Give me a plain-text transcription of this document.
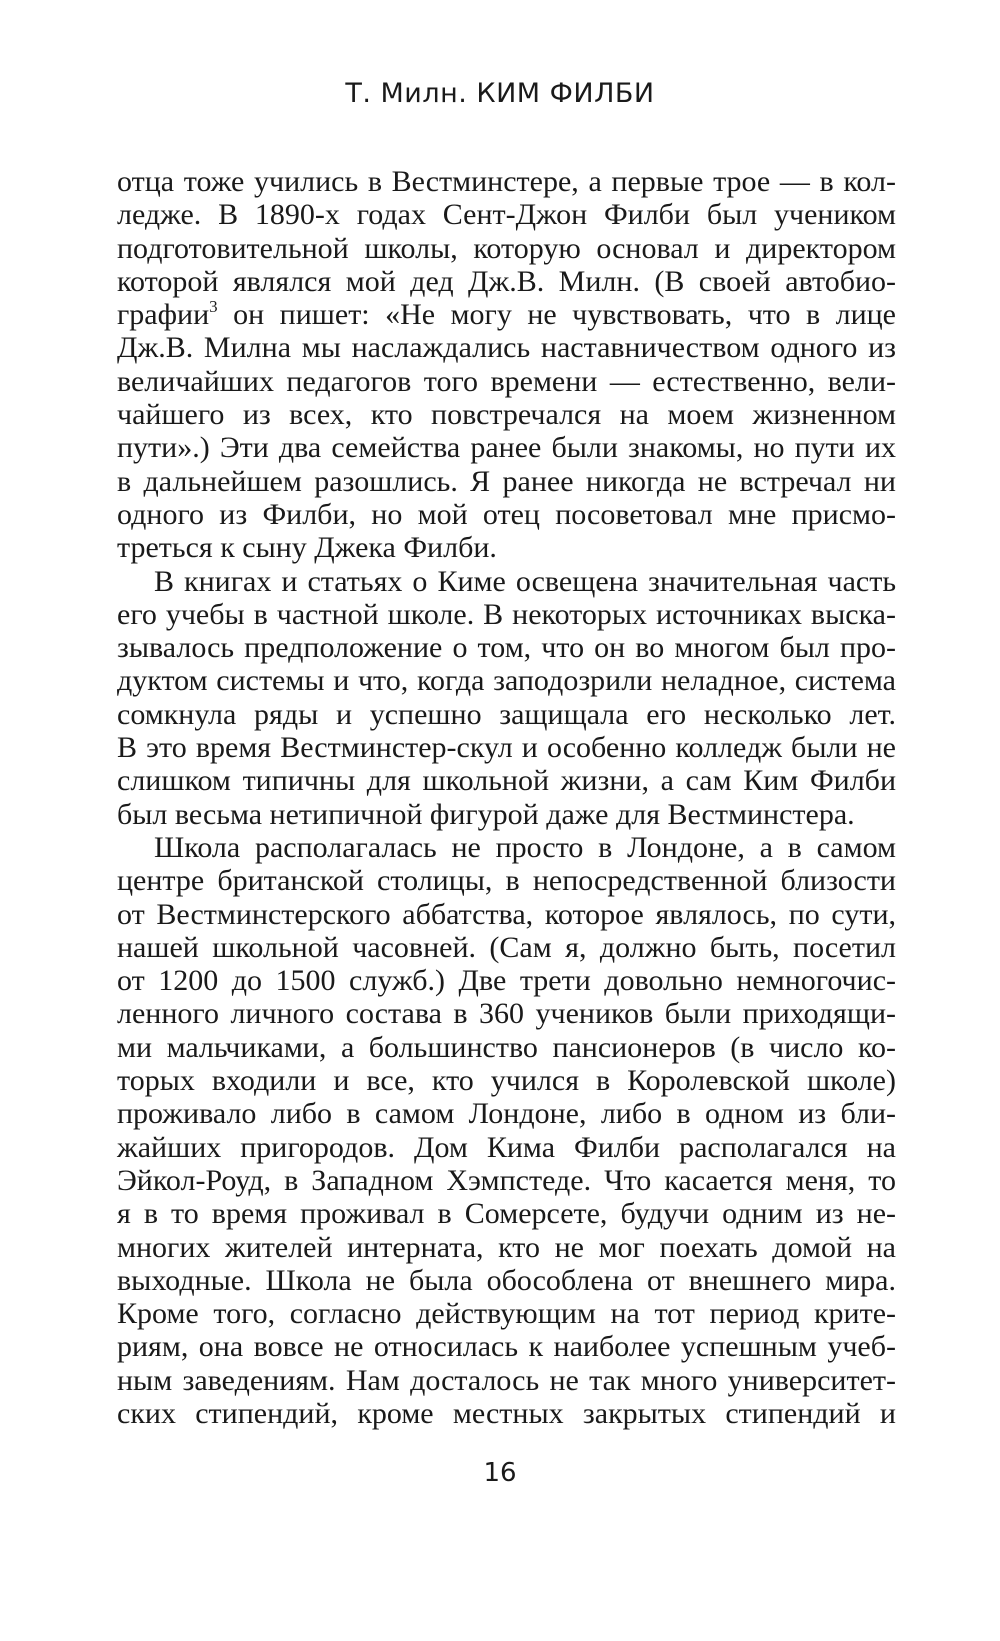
Т. Милн. КИМ ФИЛБИ
отца тоже учились в Вестминстере, а первые трое — в кол-
ледже. В 1890-х годах Сент-Джон Филби был учеником
подготовительной школы, которую основал и директором
которой являлся мой дед Дж.В. Милн. (В своей автобио-
графии$^3$ он пишет: «Не могу не чувствовать, что в лице
Дж.В. Милна мы наслаждались наставничеством одного из
величайших педагогов того времени — естественно, вели-
чайшего из всех, кто повстречался на моем жизненном
пути».) Эти два семейства ранее были знакомы, но пути их
в дальнейшем разошлись. Я ранее никогда не встречал ни
одного из Филби, но мой отец посоветовал мне присмо-
треться к сыну Джека Филби.
В книгах и статьях о Киме освещена значительная часть
его учебы в частной школе. В некоторых источниках выска-
зывалось предположение о том, что он во многом был про-
дуктом системы и что, когда заподозрили неладное, система
сомкнула ряды и успешно защищала его несколько лет.
В это время Вестминстер-скул и особенно колледж были не
слишком типичны для школьной жизни, а сам Ким Филби
был весьма нетипичной фигурой даже для Вестминстера.
Школа располагалась не просто в Лондоне, а в самом
центре британской столицы, в непосредственной близости
от Вестминстерского аббатства, которое являлось, по сути,
нашей школьной часовней. (Сам я, должно быть, посетил
от 1200 до 1500 служб.) Две трети довольно немногочис-
ленного личного состава в 360 учеников были приходящи-
ми мальчиками, а большинство пансионеров (в число ко-
торых входили и все, кто учился в Королевской школе)
проживало либо в самом Лондоне, либо в одном из бли-
жайших пригородов. Дом Кима Филби располагался на
Эйкол-Роуд, в Западном Хэмпстеде. Что касается меня, то
я в то время проживал в Сомерсете, будучи одним из не-
многих жителей интерната, кто не мог поехать домой на
выходные. Школа не была обособлена от внешнего мира.
Кроме того, согласно действующим на тот период крите-
риям, она вовсе не относилась к наиболее успешным учеб-
ным заведениям. Нам досталось не так много университет-
ских стипендий, кроме местных закрытых стипендий и
16
